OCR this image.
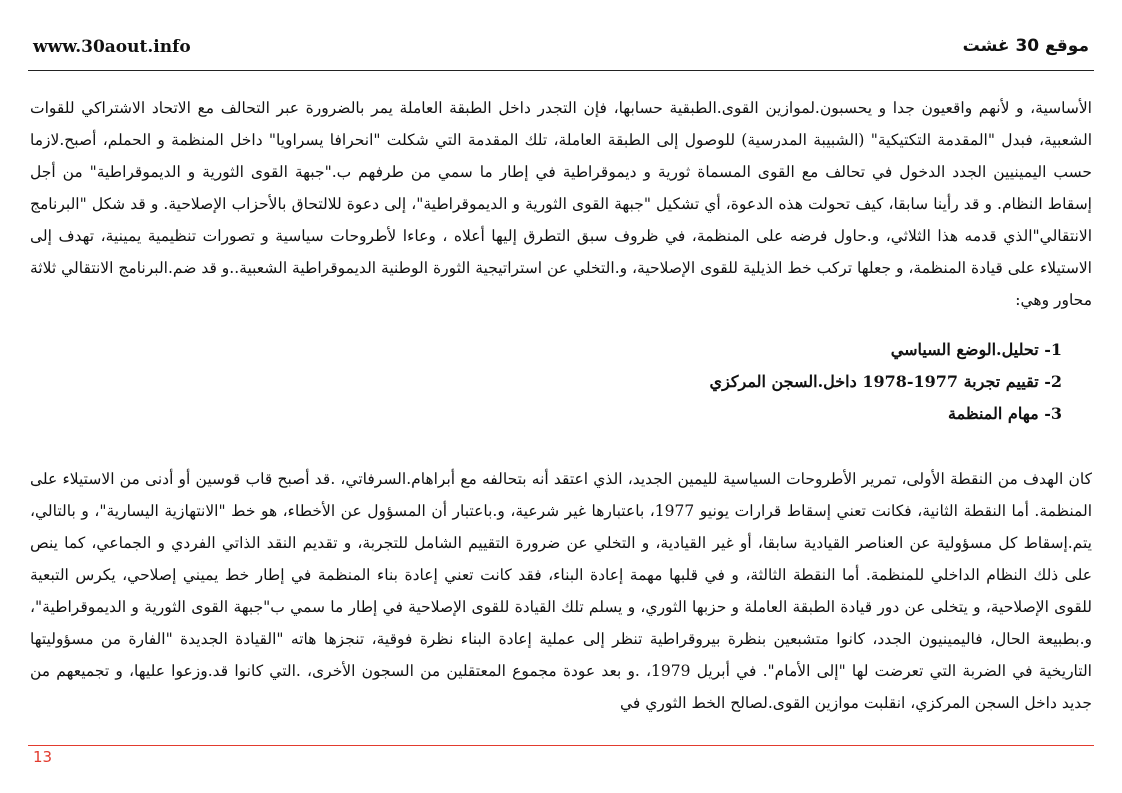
www.30aout.info	موقع 30 غشت

الأساسية، و لأنهم واقعيون جدا و يحسبون.لموازين القوى.الطبقية حسابها، فإن التجدر داخل الطبقة العاملة يمر بالضرورة عبر التحالف مع الاتحاد الاشتراكي للقوات الشعبية، فبدل "المقدمة التكتيكية" (الشبيبة المدرسية) للوصول إلى الطبقة العاملة، تلك المقدمة التي شكلت "انحرافا يسراويا" داخل المنظمة و الحملم، أصبح.لازما حسب اليمينيين الجدد الدخول في تحالف مع القوى المسماة ثورية و ديموقراطية في إطار ما سمي من طرفهم ب."جبهة القوى الثورية و الديموقراطية" من أجل إسقاط النظام. و قد رأينا سابقا، كيف تحولت هذه الدعوة، أي تشكيل "جبهة القوى الثورية و الديموقراطية"، إلى دعوة للالتحاق بالأحزاب الإصلاحية. و قد شكل "البرنامج الانتقالي"الذي قدمه هذا الثلاثي، و.حاول فرضه على المنظمة، في ظروف سبق التطرق إليها أعلاه ، وعاءا لأطروحات سياسية و تصورات تنظيمية يمينية، تهدف إلى الاستيلاء على قيادة المنظمة، و جعلها تركب خط الذيلية للقوى الإصلاحية، و.التخلي عن استراتيجية الثورة الوطنية الديموقراطية الشعبية..و قد ضم.البرنامج الانتقالي ثلاثة محاور وهي:

1- تحليل.الوضع السياسي
2- تقييم تجربة 1977-1978 داخل.السجن المركزي
3- مهام المنظمة

كان الهدف من النقطة الأولى، تمرير الأطروحات السياسية لليمين الجديد، الذي اعتقد أنه بتحالفه مع أبراهام.السرفاتي، .قد أصبح قاب قوسين أو أدنى من الاستيلاء على المنظمة. أما النقطة الثانية، فكانت تعني إسقاط قرارات يونيو 1977، باعتبارها غير شرعية، و.باعتبار أن المسؤول عن الأخطاء، هو خط "الانتهازية اليسارية"، و بالتالي، يتم.إسقاط كل مسؤولية عن العناصر القيادية سابقا، أو غير القيادية، و التخلي عن ضرورة التقييم الشامل للتجربة، و تقديم النقد الذاتي الفردي و الجماعي، كما ينص على ذلك النظام الداخلي للمنظمة. أما النقطة الثالثة، و في قلبها مهمة إعادة البناء، فقد كانت تعني إعادة بناء المنظمة في إطار خط يميني إصلاحي، يكرس التبعية للقوى الإصلاحية، و يتخلى عن دور قيادة الطبقة العاملة و حزبها الثوري، و يسلم تلك القيادة للقوى الإصلاحية في إطار ما سمي ب"جبهة القوى الثورية و الديموقراطية"، و.بطبيعة الحال، فاليمينيون الجدد، كانوا متشبعين بنظرة بيروقراطية تنظر إلى عملية إعادة البناء نظرة فوقية، تنجزها هاته "القيادة الجديدة "الفارة من مسؤوليتها التاريخية في الضربة التي تعرضت لها "إلى الأمام". في أبريل 1979، .و بعد عودة مجموع المعتقلين من السجون الأخرى، .التي كانوا قد.وزعوا عليها، و تجميعهم من جديد داخل السجن المركزي، انقلبت موازين القوى.لصالح الخط الثوري في

13
